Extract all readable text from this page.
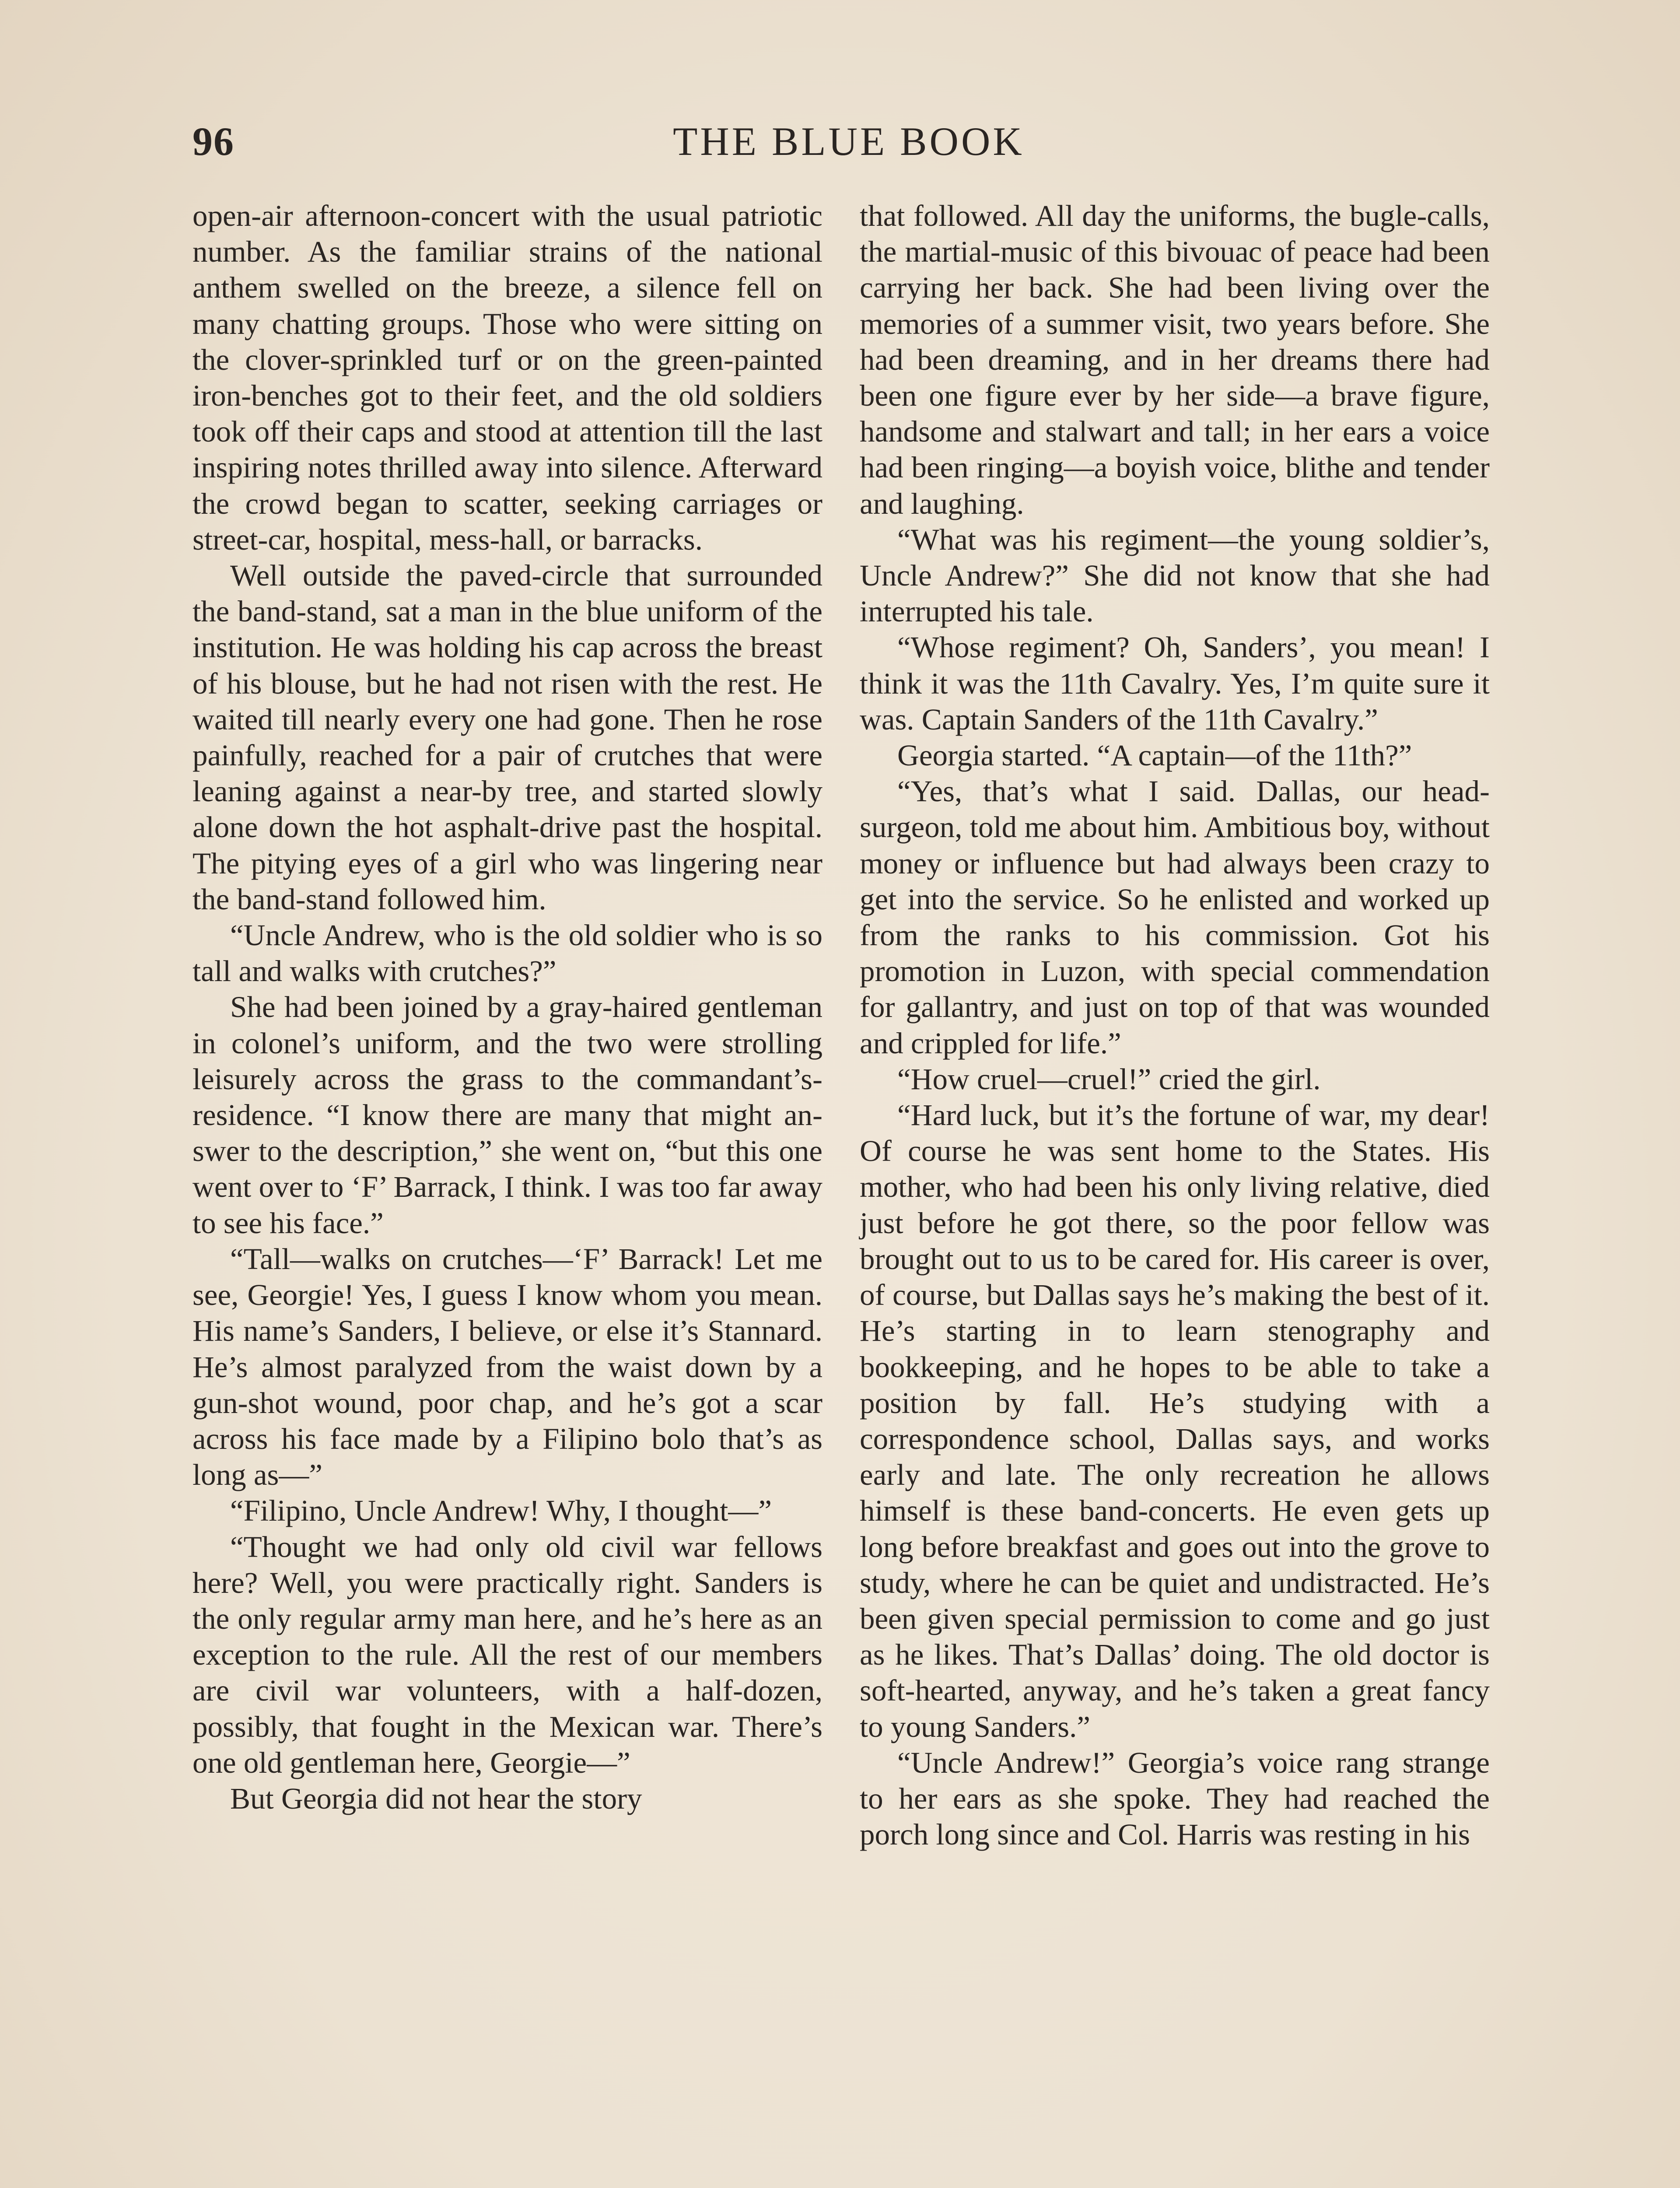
96	THE BLUE BOOK

open-air afternoon-concert with the usual patriotic number. As the familiar strains of the national anthem swelled on the breeze, a silence fell on many chatting groups. Those who were sitting on the clover-sprinkled turf or on the green-painted iron-benches got to their feet, and the old soldiers took off their caps and stood at attention till the last inspiring notes thrilled away into silence. Afterward the crowd began to scatter, seeking carriages or street-car, hospital, mess-hall, or barracks.

Well outside the paved-circle that surrounded the band-stand, sat a man in the blue uniform of the institution. He was holding his cap across the breast of his blouse, but he had not risen with the rest. He waited till nearly every one had gone. Then he rose painfully, reached for a pair of crutches that were leaning against a near-by tree, and started slowly alone down the hot asphalt-drive past the hospital. The pitying eyes of a girl who was lingering near the band-stand followed him.

“Uncle Andrew, who is the old soldier who is so tall and walks with crutches?”

She had been joined by a gray-haired gentleman in colonel’s uniform, and the two were strolling leisurely across the grass to the commandant’s-residence. “I know there are many that might answer to the description,” she went on, “but this one went over to ‘F’ Barrack, I think. I was too far away to see his face.”

“Tall—walks on crutches—‘F’ Barrack! Let me see, Georgie! Yes, I guess I know whom you mean. His name’s Sanders, I believe, or else it’s Stannard. He’s almost paralyzed from the waist down by a gun-shot wound, poor chap, and he’s got a scar across his face made by a Filipino bolo that’s as long as—”

“Filipino, Uncle Andrew! Why, I thought—”

“Thought we had only old civil war fellows here? Well, you were practically right. Sanders is the only regular army man here, and he’s here as an exception to the rule. All the rest of our members are civil war volunteers, with a half-dozen, possibly, that fought in the Mexican war. There’s one old gentleman here, Georgie—”

But Georgia did not hear the story

that followed. All day the uniforms, the bugle-calls, the martial-music of this bivouac of peace had been carrying her back. She had been living over the memories of a summer visit, two years before. She had been dreaming, and in her dreams there had been one figure ever by her side—a brave figure, handsome and stalwart and tall; in her ears a voice had been ringing—a boyish voice, blithe and tender and laughing.

“What was his regiment—the young soldier’s, Uncle Andrew?” She did not know that she had interrupted his tale.

“Whose regiment? Oh, Sanders’, you mean! I think it was the 11th Cavalry. Yes, I’m quite sure it was. Captain Sanders of the 11th Cavalry.”

Georgia started. “A captain—of the 11th?”

“Yes, that’s what I said. Dallas, our head-surgeon, told me about him. Ambitious boy, without money or influence but had always been crazy to get into the service. So he enlisted and worked up from the ranks to his commission. Got his promotion in Luzon, with special commendation for gallantry, and just on top of that was wounded and crippled for life.”

“How cruel—cruel!” cried the girl.

“Hard luck, but it’s the fortune of war, my dear! Of course he was sent home to the States. His mother, who had been his only living relative, died just before he got there, so the poor fellow was brought out to us to be cared for. His career is over, of course, but Dallas says he’s making the best of it. He’s starting in to learn stenography and bookkeeping, and he hopes to be able to take a position by fall. He’s studying with a correspondence school, Dallas says, and works early and late. The only recreation he allows himself is these band-concerts. He even gets up long before breakfast and goes out into the grove to study, where he can be quiet and undistracted. He’s been given special permission to come and go just as he likes. That’s Dallas’ doing. The old doctor is soft-hearted, anyway, and he’s taken a great fancy to young Sanders.”

“Uncle Andrew!” Georgia’s voice rang strange to her ears as she spoke. They had reached the porch long since and Col. Harris was resting in his
